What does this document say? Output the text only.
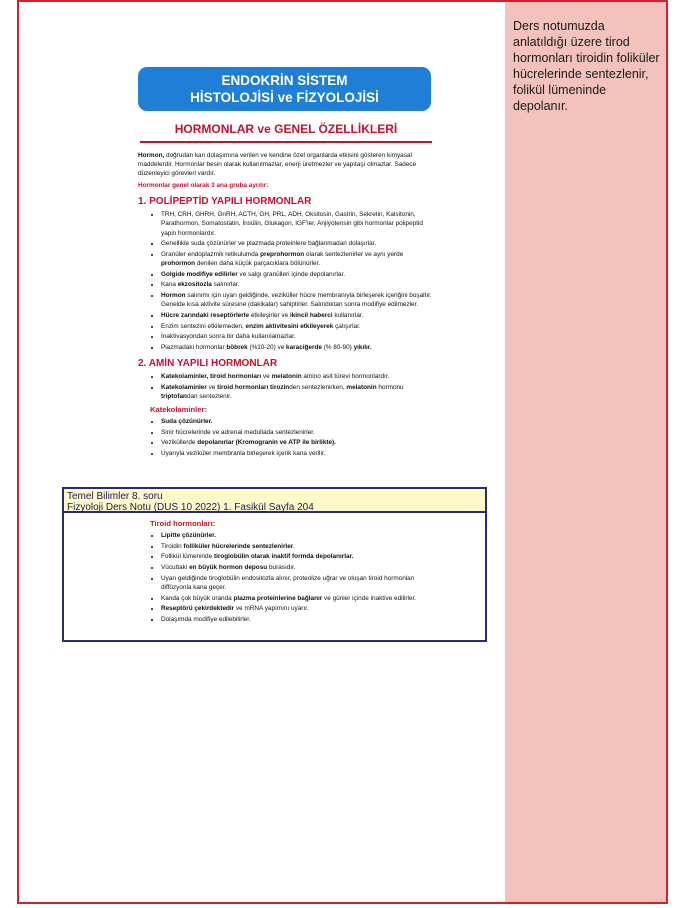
Ders notumuzda anlatıldığı üzere tirod hormonları tiroidin foliküler hücrelerinde sentezlenir, folikül lümeninde depolanır.
ENDOKRİN SİSTEM
HİSTOLOJİSİ ve FİZYOLOJİSİ
HORMONLAR ve GENEL ÖZELLİKLERİ

Hormon, doğrudan kan dolaşımına verilen ve kendine özel organlarda etkisini gösteren kimyasal maddelerdir. Hormonlar besin olarak kullanılmazlar, enerji üretmezler ve yapıtaşı olmazlar. Sadece düzenleyici görevleri vardır.

Hormonlar genel olarak 3 ana gruba ayrılır:

1. POLİPEPTİD YAPILI HORMONLAR
• TRH, CRH, GHRH, GnRH, ACTH, GH, PRL, ADH, Oksitosin, Gastrin, Sekretin, Kalsitonin, Parathormon, Somatostatin, İnsülin, Glukagon, IGF'ler, Anjiyotensin gibi hormonlar polipeptid yapılı hormonlardır.
• Genellikle suda çözünürler ve plazmada proteinlere bağlanmadan dolaşırlar.
• Granüler endoplazmik retikulumda preprohormon olarak sentezlenirler ve aynı yerde prohormon denilen daha küçük parçacıklara bölünürler.
• Golgide modifiye edilirler ve salgı granülleri içinde depolanırlar.
• Kana ekzositozla salınırlar.
• Hormon salınımı için uyarı geldiğinde, veziküller hücre membranıyla birleşerek içeriğini boşaltır. Genelde kısa aktivite süresine (dakikalar) sahiptirler. Salındıktan sonra modifiye edilmezler.
• Hücre zarındaki reseptörlerle etkileşirler ve ikincil haberci kullanırlar.
• Enzim sentezini etkilemeden, enzim aktivitesini etkileyerek çalışırlar.
• İnaktivasyondan sonra bir daha kullanılamazlar.
• Plazmadaki hormonlar böbrek (%10-20) ve karaciğerde (% 80-90) yıkılır.
2. AMİN YAPILI HORMONLAR
• Katekolaminler, tiroid hormonları ve melatonin amino asit türevi hormonlardır.
• Katekolaminler ve tiroid hormonları tirozinden sentezlenirken, melatonin hormonu triptofandan sentezlenir.
Katekolaminler:
• Suda çözünürler.
• Sinir hücrelerinde ve adrenal medullada sentezlenirler.
• Veziküllerde depolanırlar (Kromogranin ve ATP ile birlikte).
• Uyarıyla veziküler membranla birleşerek içerik kana verilir.
Tiroid hormonları:
• Lipitte çözünürler.
• Tiroidin folliküler hücrelerinde sentezlenirler.
• Follikül lümeninde tiroglobülin olarak inaktif formda depolanırlar.
• Vücuttaki en büyük hormon deposu burasıdır.
• Uyarı geldiğinde tiroglobülin endositozla alınır, proteolize uğrar ve oluşan tiroid hormonları diffüzyonla kana geçer.
• Kanda çok büyük oranda plazma proteinlerine bağlanır ve günler içinde inaktive edilirler.
• Reseptörü çekirdektedir ve mRNA yapımını uyarır.
• Dolaşımda modifiye edilebilirler.
Temel Bilimler 8. soru
Fizyoloji Ders Notu (DUS 10 2022) 1. Fasikül Sayfa 204
